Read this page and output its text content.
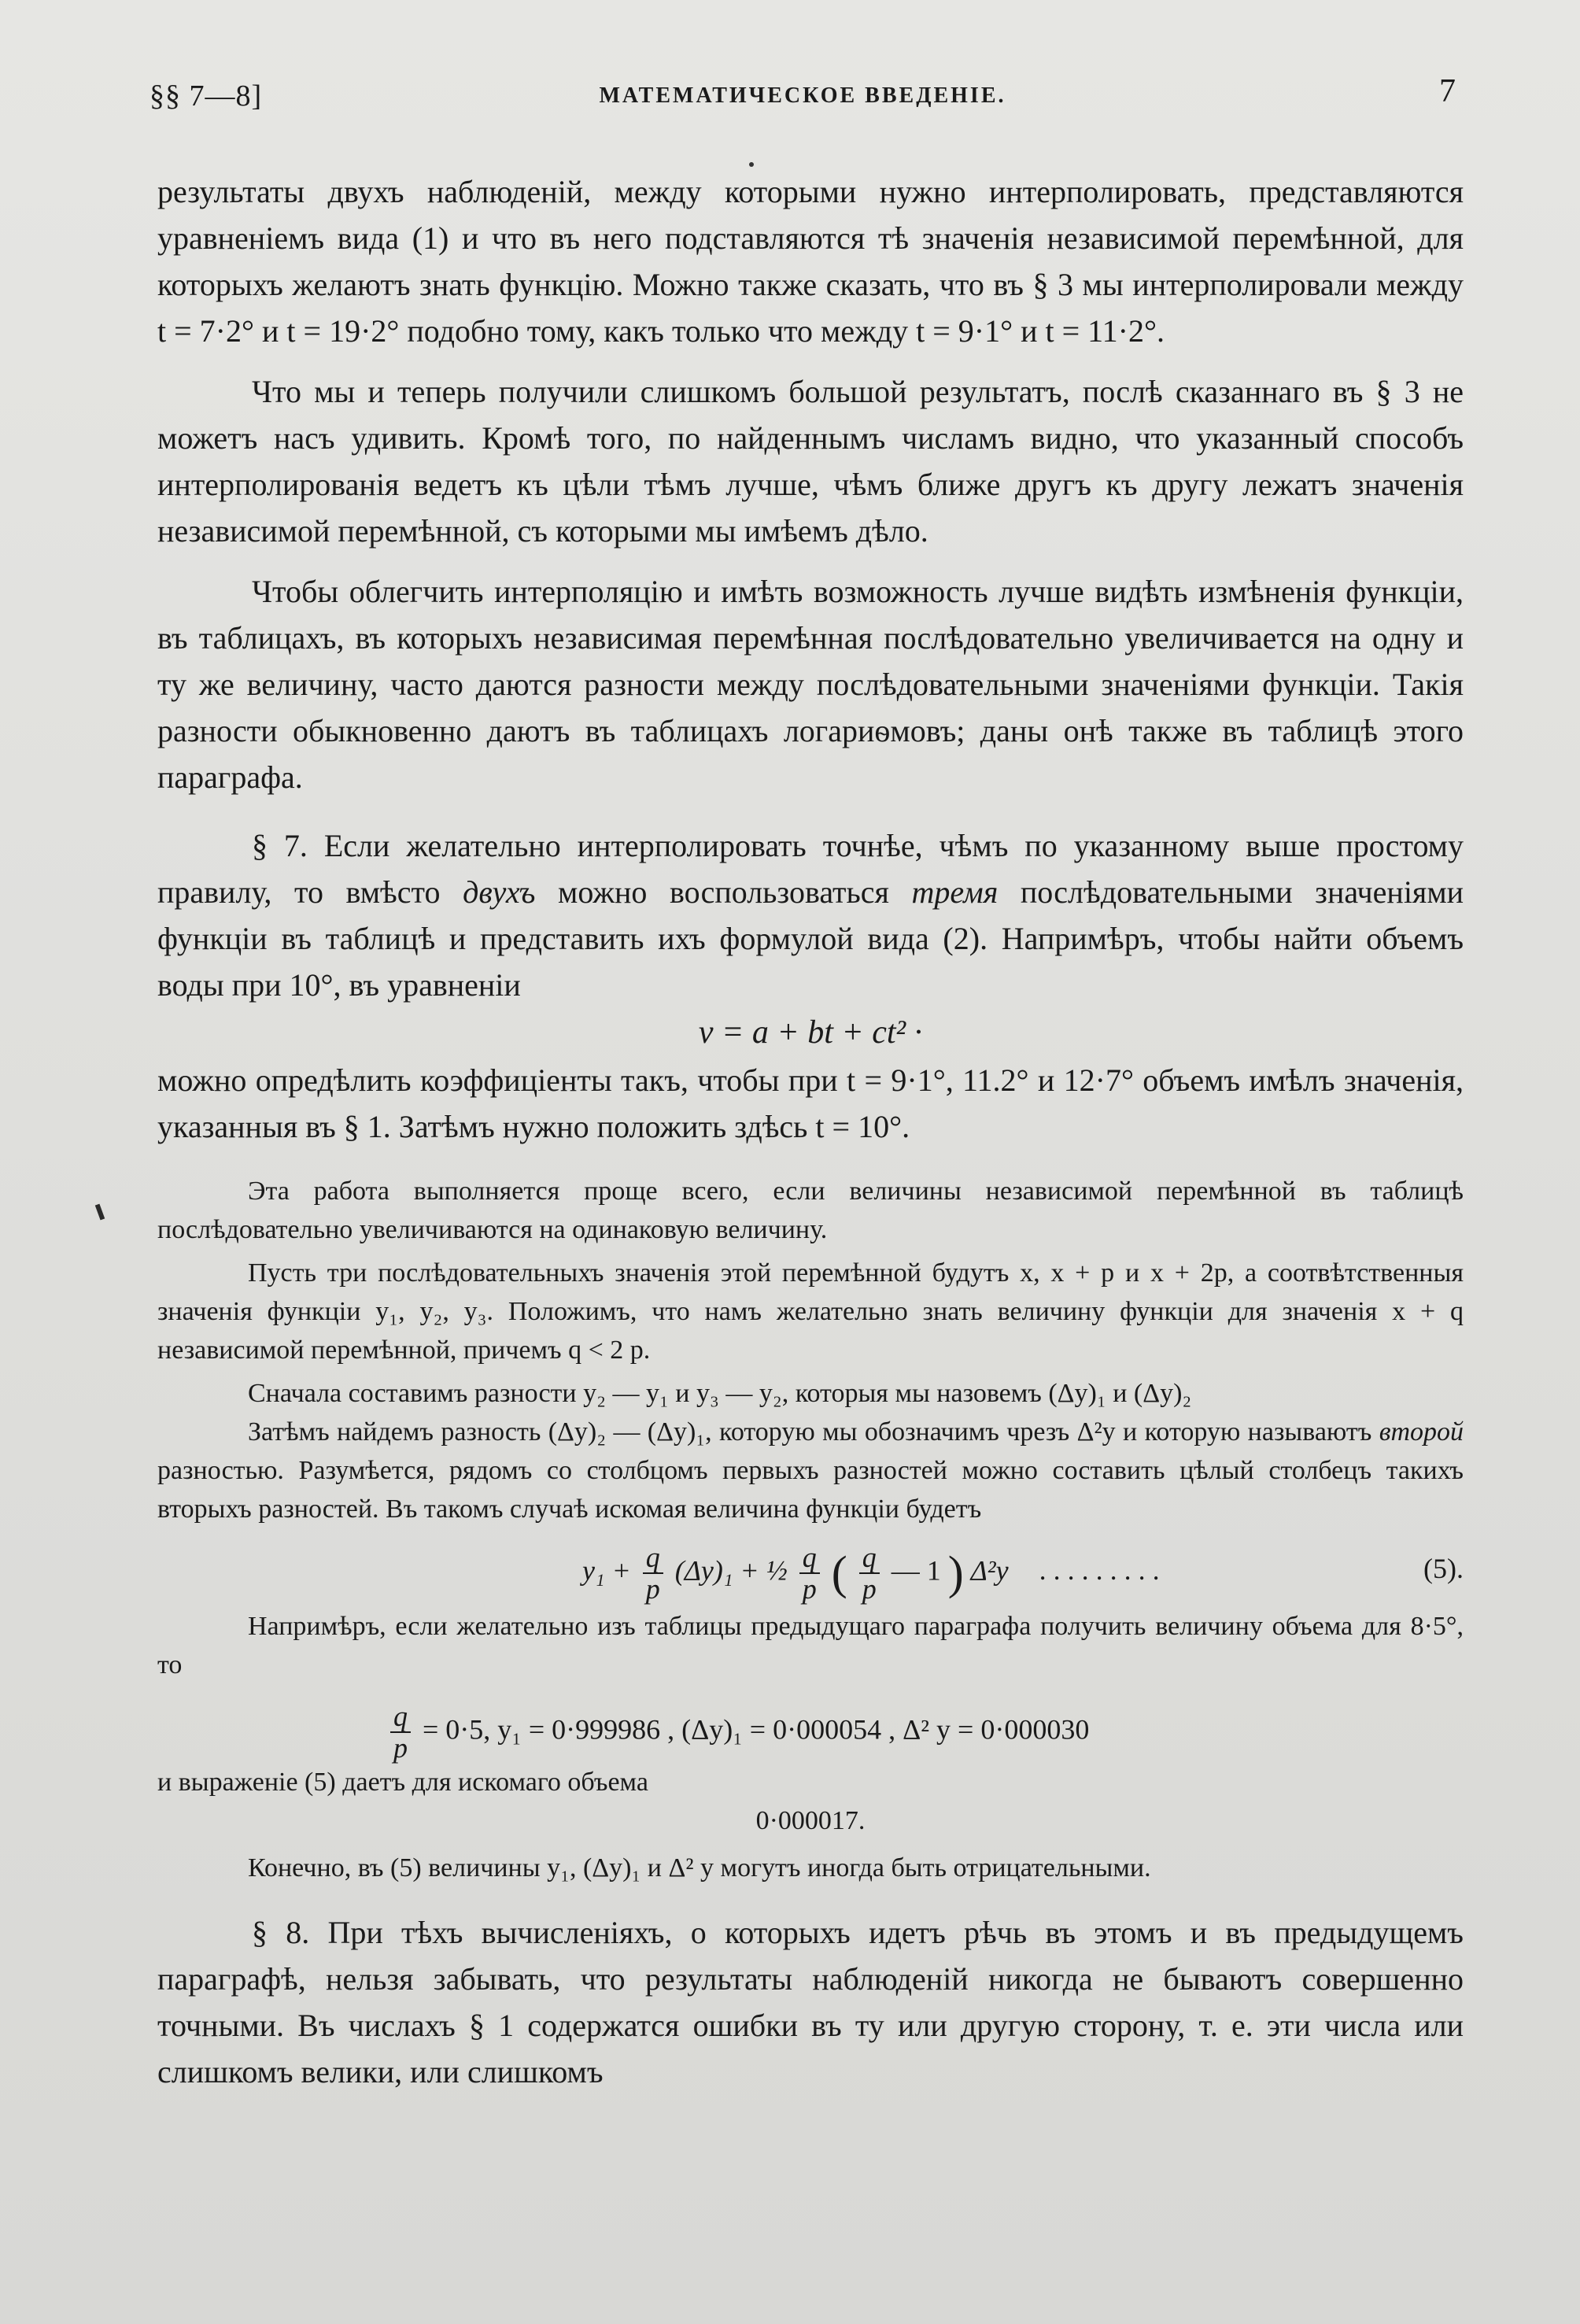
§§ 7—8]	МАТЕМАТИЧЕСКОЕ ВВЕДЕНІЕ.	7

результаты двухъ наблюденій, между которыми нужно интерполировать, представляются уравненіемъ вида (1) и что въ него подставляются тѣ значенія независимой перемѣнной, для которыхъ желаютъ знать функцію. Можно также сказать, что въ § 3 мы интерполировали между t = 7·2° и t = 19·2° подобно тому, какъ только что между t = 9·1° и t = 11·2°.

Что мы и теперь получили слишкомъ большой результатъ, послѣ сказаннаго въ § 3 не можетъ насъ удивить. Кромѣ того, по найденнымъ числамъ видно, что указанный способъ интерполированія ведетъ къ цѣли тѣмъ лучше, чѣмъ ближе другъ къ другу лежатъ значенія независимой перемѣнной, съ которыми мы имѣемъ дѣло.

Чтобы облегчить интерполяцію и имѣть возможность лучше видѣть измѣненія функціи, въ таблицахъ, въ которыхъ независимая перемѣнная послѣдовательно увеличивается на одну и ту же величину, часто даются разности между послѣдовательными значеніями функціи. Такія разности обыкновенно даютъ въ таблицахъ логариѳмовъ; даны онѣ также въ таблицѣ этого параграфа.

§ 7. Если желательно интерполировать точнѣе, чѣмъ по указанному выше простому правилу, то вмѣсто двухъ можно воспользоваться тремя послѣдовательными значеніями функціи въ таблицѣ и представить ихъ формулой вида (2). Напримѣръ, чтобы найти объемъ воды при 10°, въ уравненіи

v = a + bt + ct² ·

можно опредѣлить коэффиціенты такъ, чтобы при t = 9·1°, 11.2° и 12·7° объемъ имѣлъ значенія, указанныя въ § 1. Затѣмъ нужно положить здѣсь t = 10°.

Эта работа выполняется проще всего, если величины независимой перемѣнной въ таблицѣ послѣдовательно увеличиваются на одинаковую величину.

Пусть три послѣдовательныхъ значенія этой перемѣнной будутъ x, x + p и x + 2p, а соотвѣтственныя значенія функціи y₁, y₂, y₃. Положимъ, что намъ желательно знать величину функціи для значенія x + q независимой перемѣнной, причемъ q < 2 p.

Сначала составимъ разности y₂ — y₁ и y₃ — y₂, которыя мы назовемъ (Δy)₁ и (Δy)₂

Затѣмъ найдемъ разность (Δy)₂ — (Δy)₁, которую мы обозначимъ чрезъ Δ²y и которую называютъ второй разностью. Разумѣется, рядомъ со столбцомъ первыхъ разностей можно составить цѣлый столбецъ такихъ вторыхъ разностей. Въ такомъ случаѣ искомая величина функціи будетъ

$y_1 + \frac{q}{p} (\Delta y)_1$ + ½ $\frac{q}{p}$ ( $\frac{q}{p}$ — 1 ) Δ²y . . . . . . . . .	(5).

Напримѣръ, если желательно изъ таблицы предыдущаго параграфа получить величину объема для 8·5°, то

$\frac{q}{p} = 0\cdot 5$, y₁ = 0·999986 , (Δy)₁ = 0·000054 , Δ² y = 0·000030

и выраженіе (5) даетъ для искомаго объема

0·000017.

Конечно, въ (5) величины y₁, (Δy)₁ и Δ² y могутъ иногда быть отрицательными.

§ 8. При тѣхъ вычисленіяхъ, о которыхъ идетъ рѣчь въ этомъ и въ предыдущемъ параграфѣ, нельзя забывать, что результаты наблюденій никогда не бываютъ совершенно точными. Въ числахъ § 1 содержатся ошибки въ ту или другую сторону, т. е. эти числа или слишкомъ велики, или слишкомъ
